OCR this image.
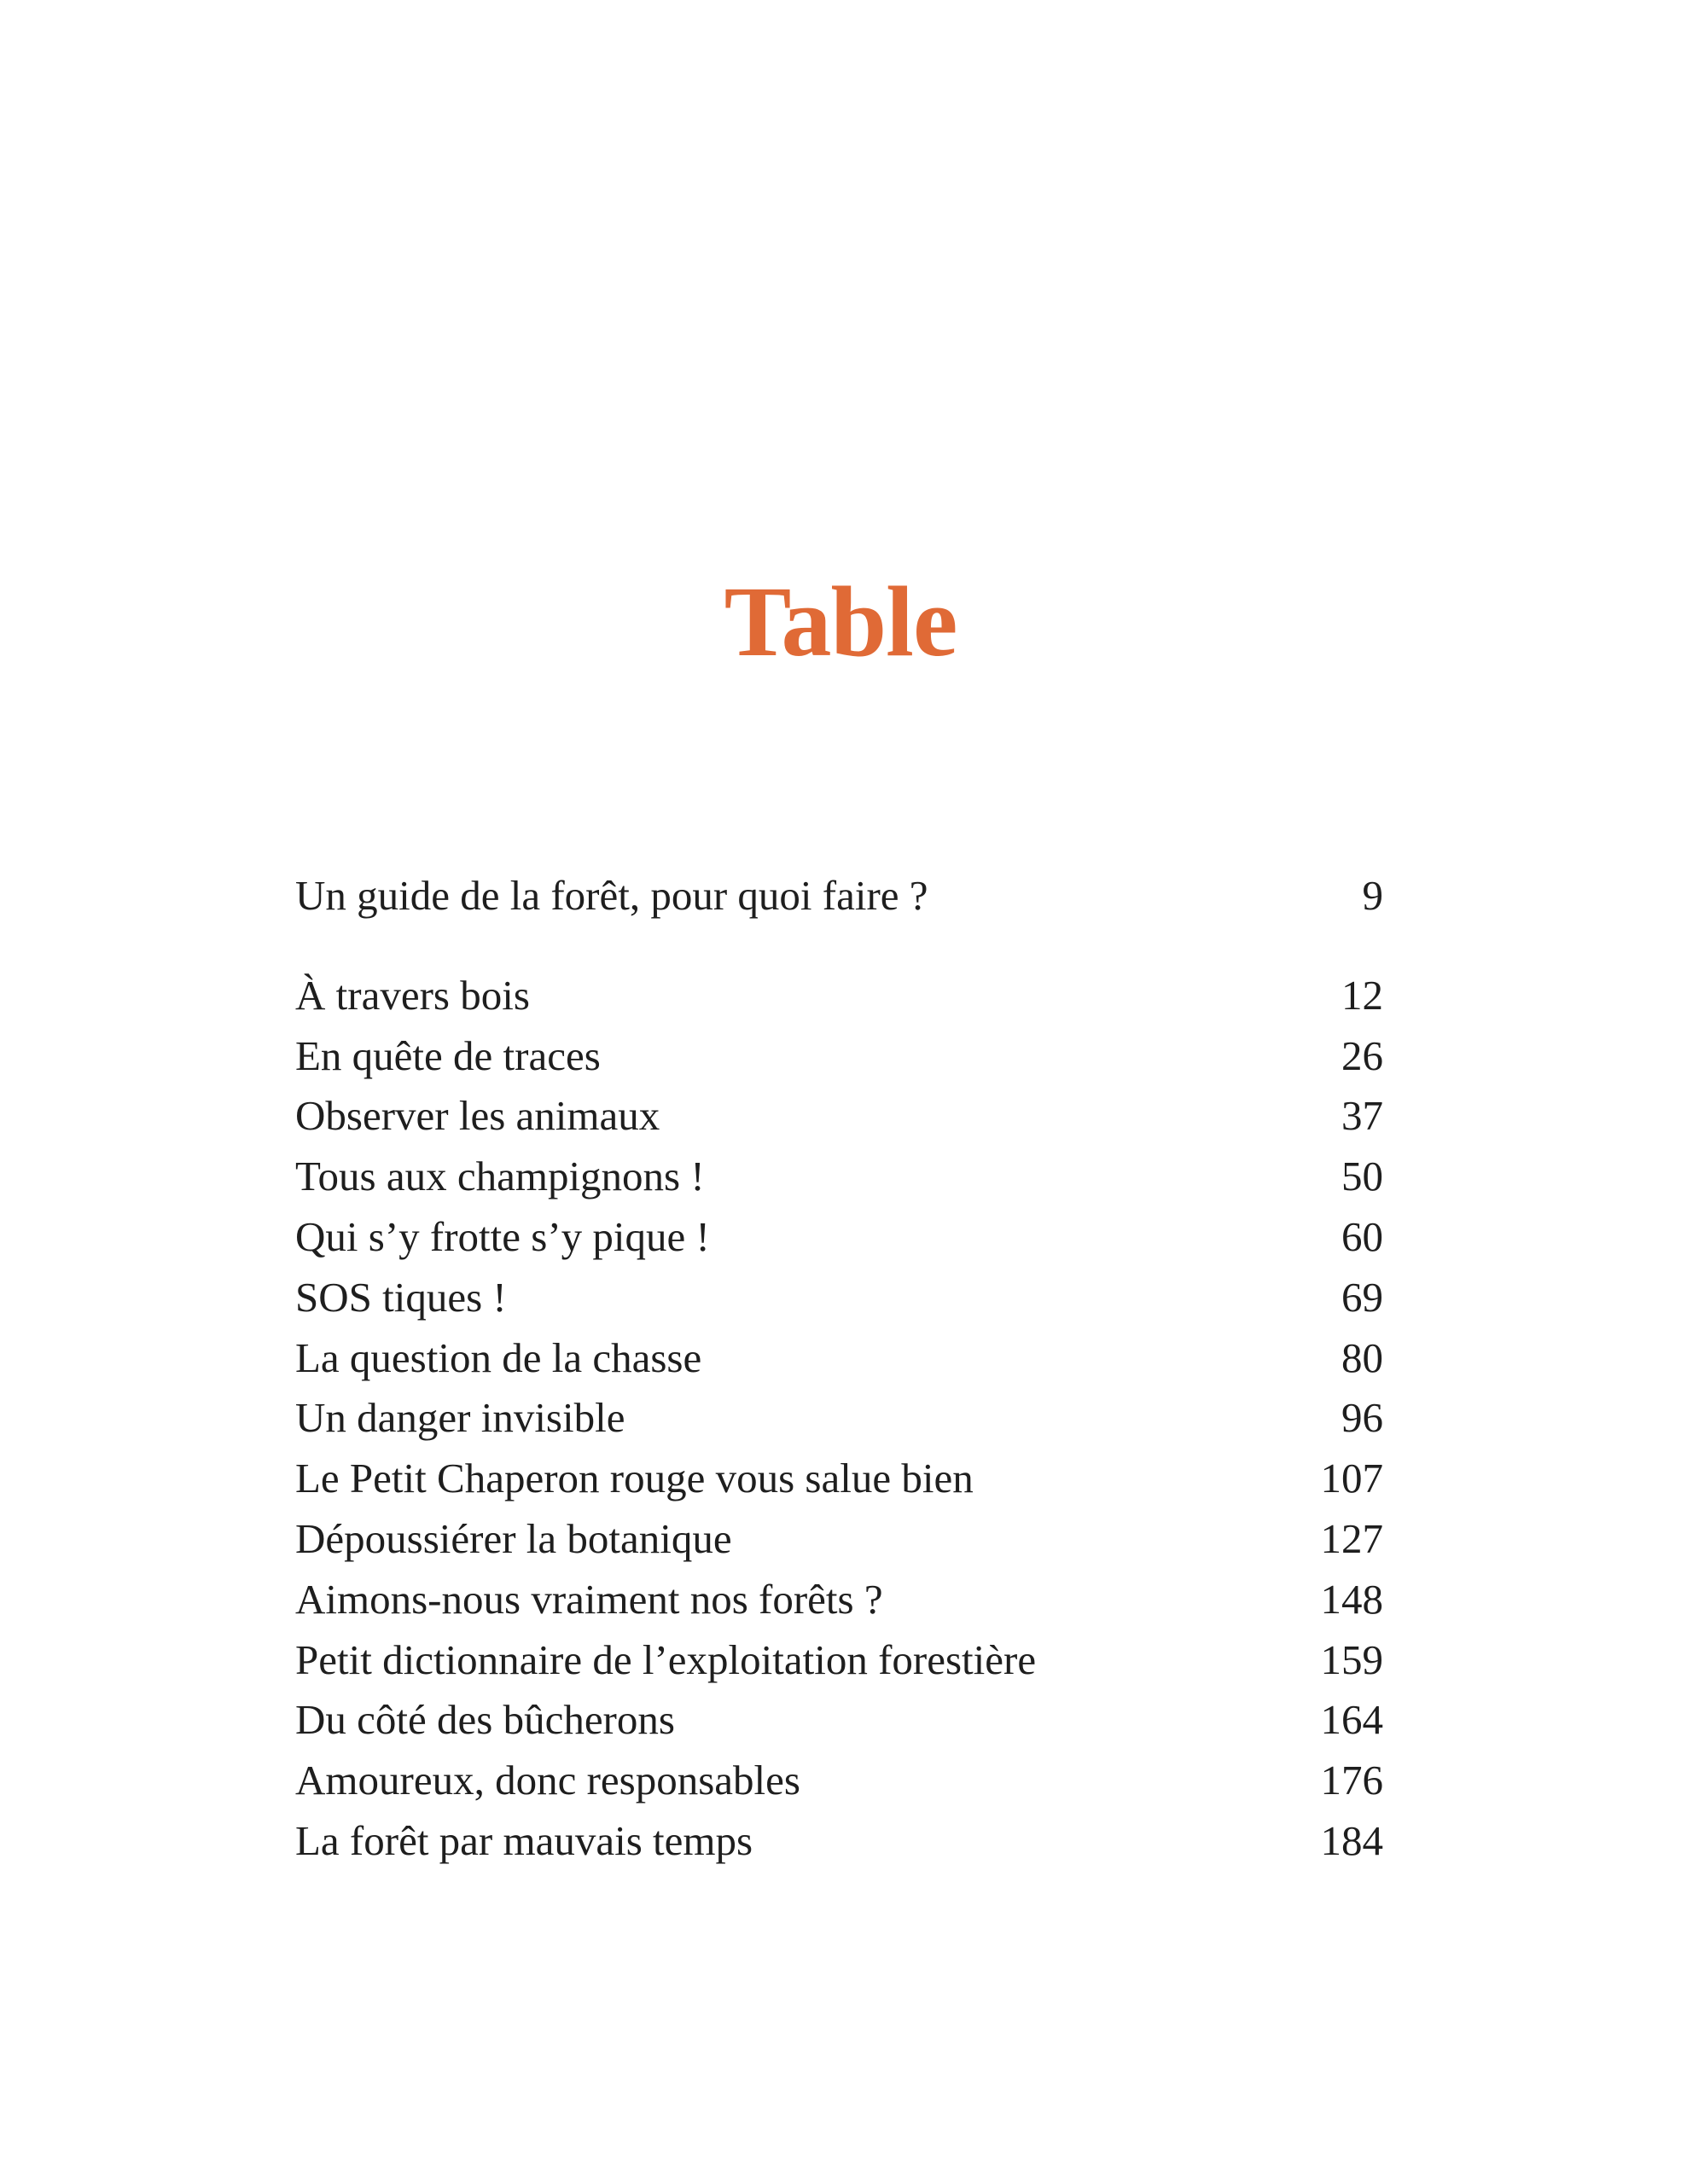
Table
Un guide de la forêt, pour quoi faire ?	9
À travers bois	12
En quête de traces	26
Observer les animaux	37
Tous aux champignons !	50
Qui s’y frotte s’y pique !	60
SOS tiques !	69
La question de la chasse	80
Un danger invisible	96
Le Petit Chaperon rouge vous salue bien	107
Dépoussiérer la botanique	127
Aimons-nous vraiment nos forêts ?	148
Petit dictionnaire de l’exploitation forestière	159
Du côté des bûcherons	164
Amoureux, donc responsables	176
La forêt par mauvais temps	184
